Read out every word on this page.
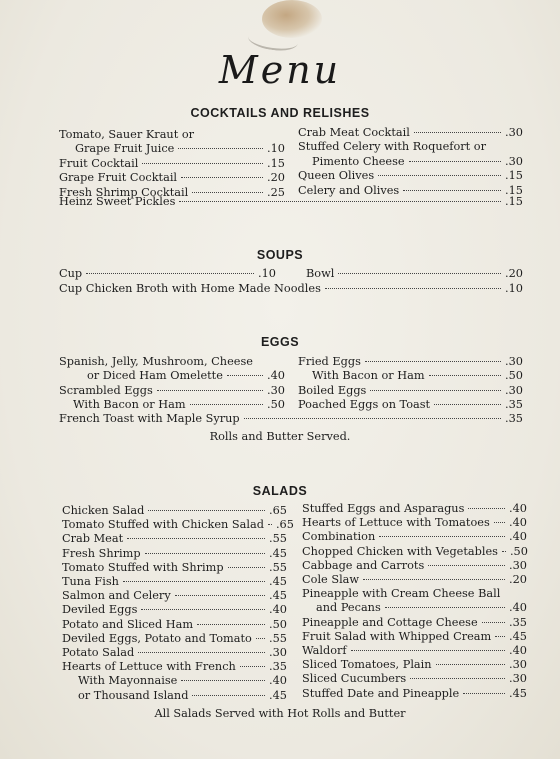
Menu
COCKTAILS AND RELISHES
Tomato, Sauer Kraut or
Grape Fruit Juice	.10
Fruit Cocktail	.15
Grape Fruit Cocktail	.20
Fresh Shrimp Cocktail	.25
Crab Meat Cocktail	.30
Stuffed Celery with Roquefort or
Pimento Cheese	.30
Queen Olives	.15
Celery and Olives	.15
Heinz Sweet Pickles	.15
SOUPS
Cup	.10	Bowl	.20
Cup Chicken Broth with Home Made Noodles	.10
EGGS
Spanish, Jelly, Mushroom, Cheese
or Diced Ham Omelette	.40
Scrambled Eggs	.30
With Bacon or Ham	.50
Fried Eggs	.30
With Bacon or Ham	.50
Boiled Eggs	.30
Poached Eggs on Toast	.35
French Toast with Maple Syrup	.35
Rolls and Butter Served.
SALADS
Chicken Salad	.65
Tomato Stuffed with Chicken Salad .65
Crab Meat	.55
Fresh Shrimp	.45
Tomato Stuffed with Shrimp	.55
Tuna Fish	.45
Salmon and Celery	.45
Deviled Eggs	.40
Potato and Sliced Ham	.50
Deviled Eggs, Potato and Tomato .55
Potato Salad	.30
Hearts of Lettuce with French	.35
With Mayonnaise	.40
or Thousand Island	.45
Stuffed Eggs and Asparagus	.40
Hearts of Lettuce with Tomatoes .40
Combination	.40
Chopped Chicken with Vegetables .50
Cabbage and Carrots	.30
Cole Slaw	.20
Pineapple with Cream Cheese Ball
and Pecans	.40
Pineapple and Cottage Cheese	.35
Fruit Salad with Whipped Cream .45
Waldorf	.40
Sliced Tomatoes, Plain	.30
Sliced Cucumbers	.30
Stuffed Date and Pineapple	.45
All Salads Served with Hot Rolls and Butter
